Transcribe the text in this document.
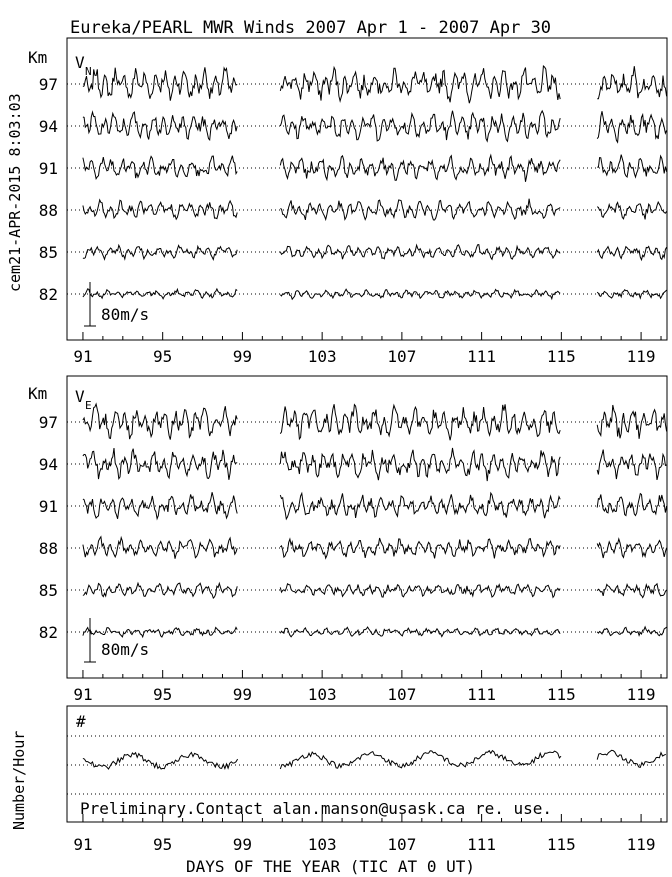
Eureka/PEARL MWR Winds 2007 Apr 1 - 2007 Apr 30
cem21-APR-2015 8:03:03
Km V N
97
94
91
88
85
82
80m/s
91	95	99	103	107	111	115	119
Km V E
97
94
91
88
85
82
80m/s
91	95	99	103	107	111	115	119
Number/Hour
#
Preliminary.Contact alan.manson@usask.ca re. use.
91	95	99	103	107	111	115	119
DAYS OF THE YEAR (TIC AT 0 UT)
